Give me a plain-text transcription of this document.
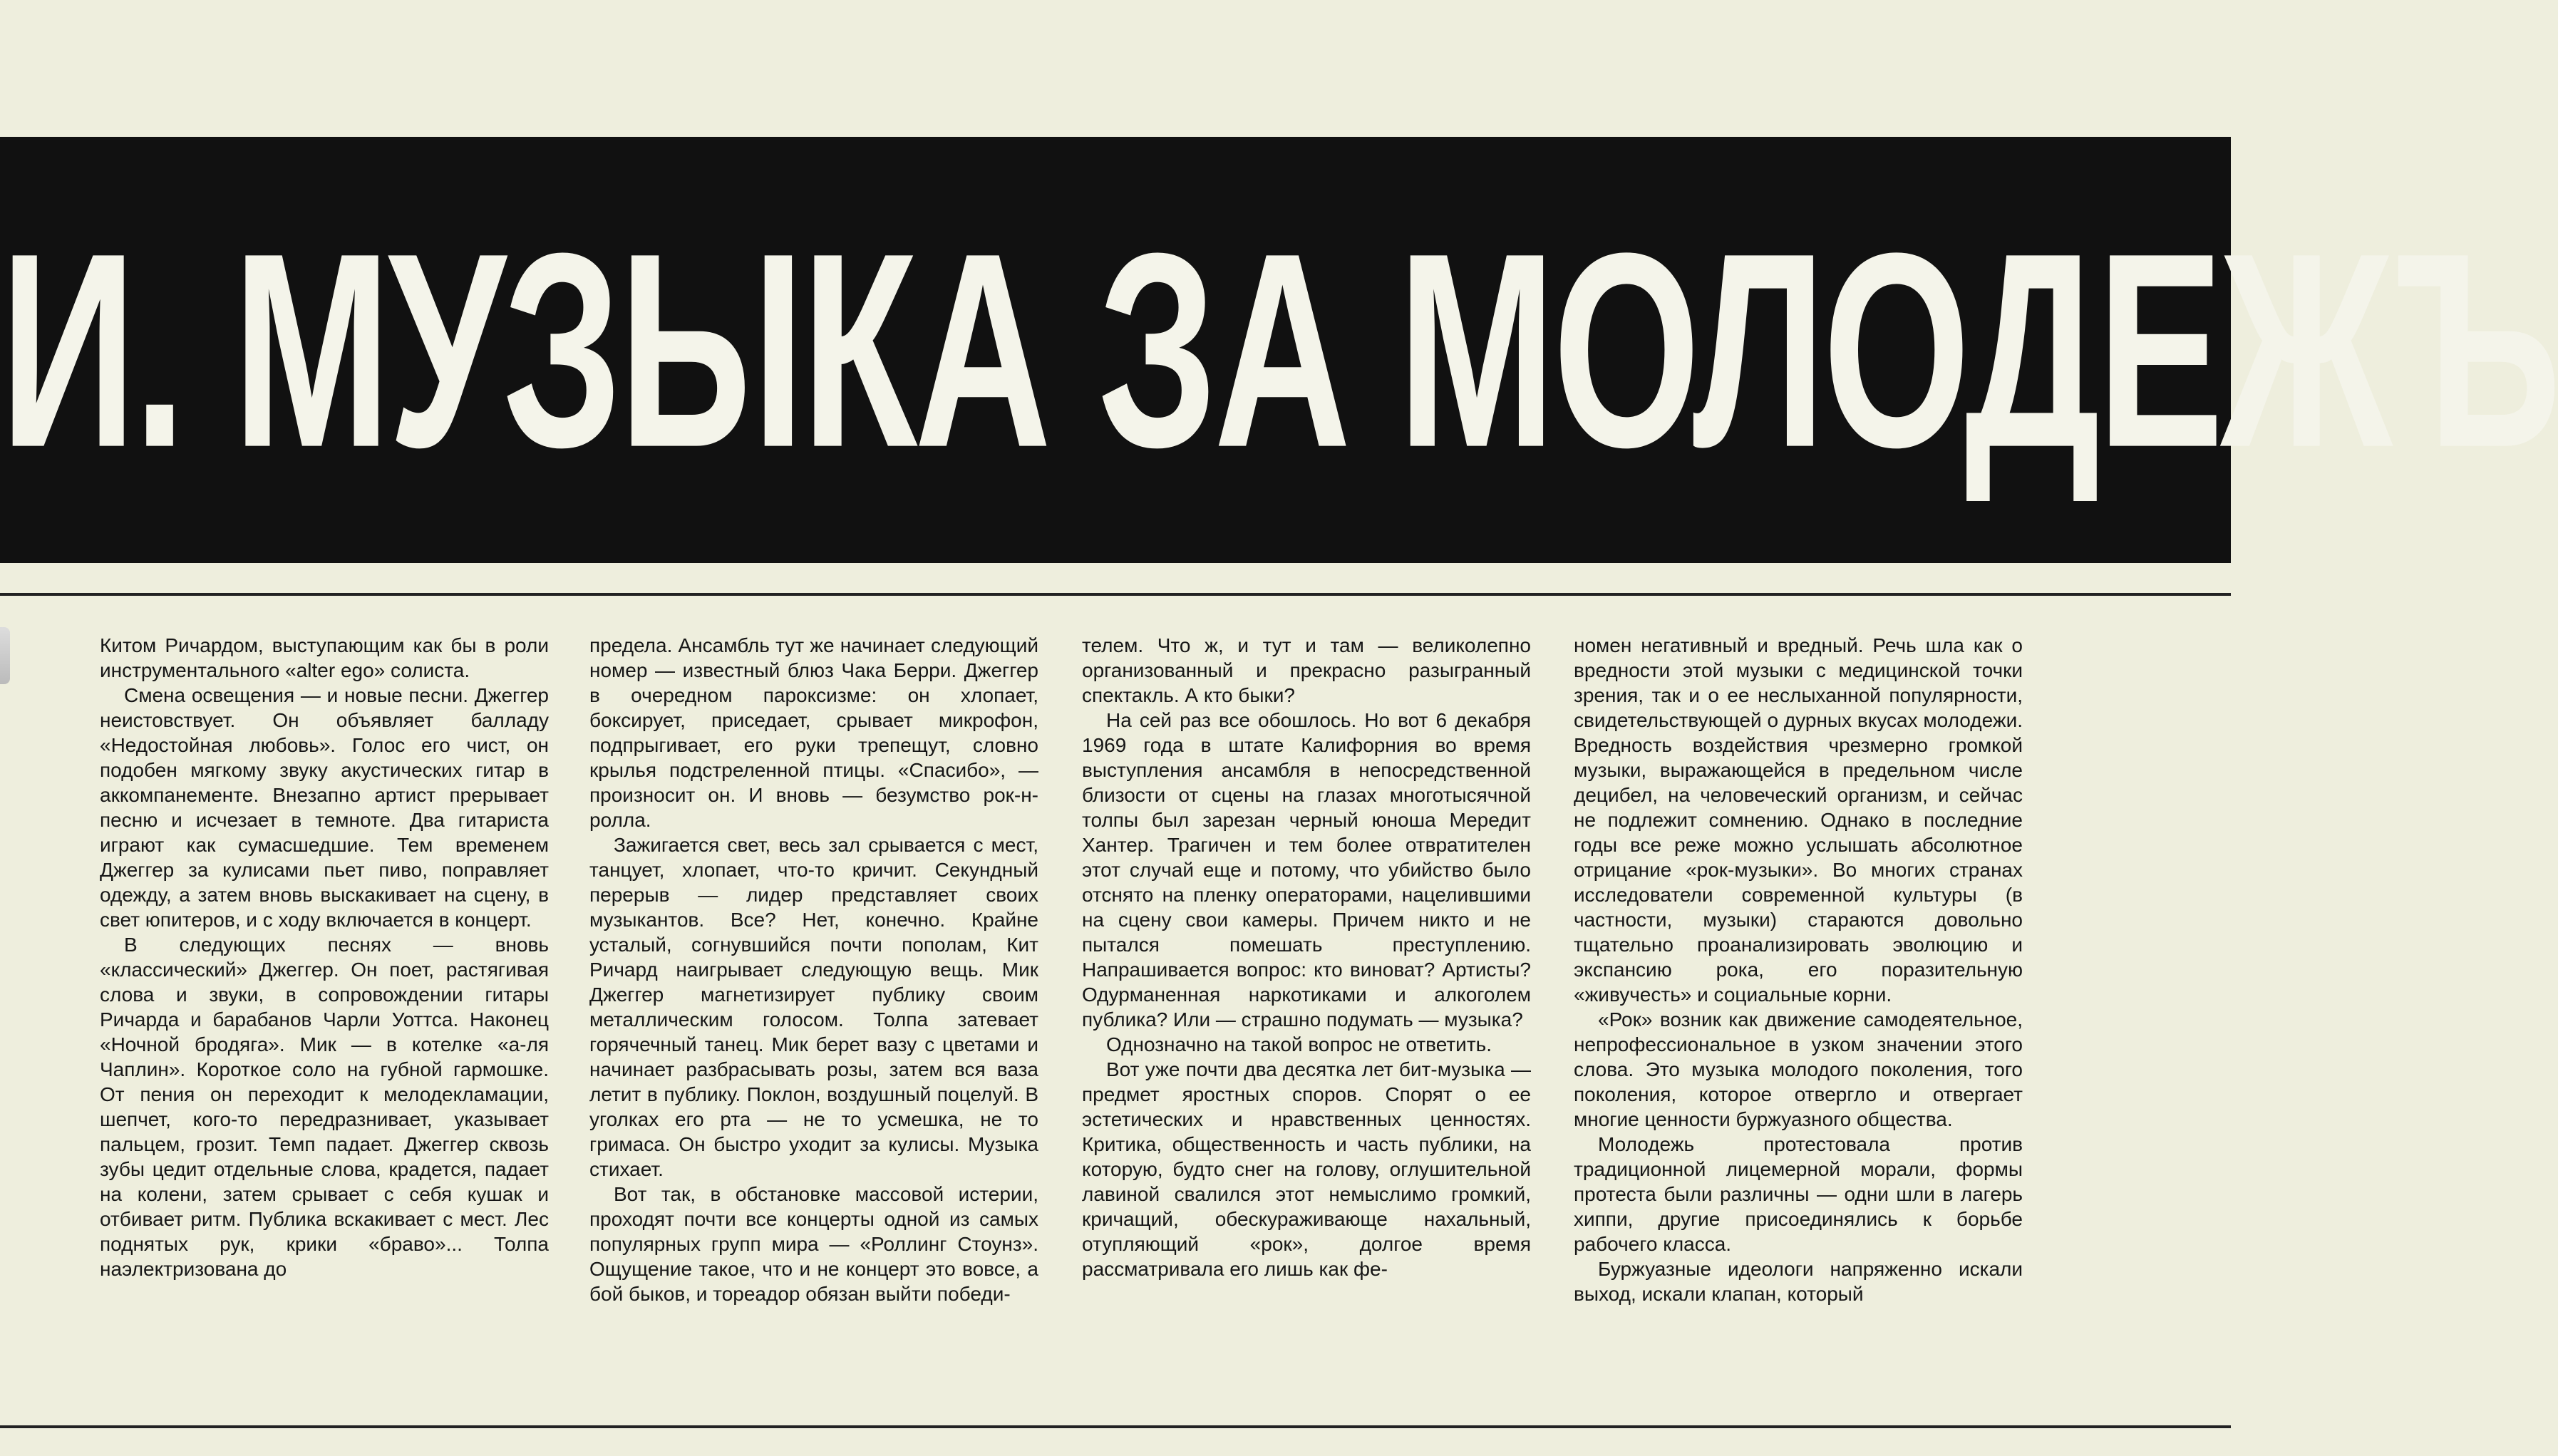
И. МУЗЫКА ЗА МОЛОДЕЖЪ

Китом Ричардом, выступающим как бы в роли инструментального «alter ego» солиста.

Смена освещения — и новые песни. Джеггер неистовствует. Он объявляет балладу «Недостойная любовь». Голос его чист, он подобен мягкому звуку акустических гитар в аккомпанементе. Внезапно артист прерывает песню и исчезает в темноте. Два гитариста играют как сумасшедшие. Тем временем Джеггер за кулисами пьет пиво, поправляет одежду, а затем вновь выскакивает на сцену, в свет юпитеров, и с ходу включается в концерт.

В следующих песнях — вновь «классический» Джеггер. Он поет, растягивая слова и звуки, в сопровождении гитары Ричарда и барабанов Чарли Уоттса. Наконец «Ночной бродяга». Мик — в котелке «а-ля Чаплин». Короткое соло на губной гармошке. От пения он переходит к мелодекламации, шепчет, кого-то передразнивает, указывает пальцем, грозит. Темп падает. Джеггер сквозь зубы цедит отдельные слова, крадется, падает на колени, затем срывает с себя кушак и отбивает ритм. Публика вскакивает с мест. Лес поднятых рук, крики «браво»... Толпа наэлектризована до

предела. Ансамбль тут же начинает следующий номер — известный блюз Чака Берри. Джеггер в очередном пароксизме: он хлопает, боксирует, приседает, срывает микрофон, подпрыгивает, его руки трепещут, словно крылья подстреленной птицы. «Спасибо», — произносит он. И вновь — безумство рок-н-ролла.

Зажигается свет, весь зал срывается с мест, танцует, хлопает, что-то кричит. Секундный перерыв — лидер представляет своих музыкантов. Все? Нет, конечно. Крайне усталый, согнувшийся почти пополам, Кит Ричард наигрывает следующую вещь. Мик Джеггер магнетизирует публику своим металлическим голосом. Толпа затевает горячечный танец. Мик берет вазу с цветами и начинает разбрасывать розы, затем вся ваза летит в публику. Поклон, воздушный поцелуй. В уголках его рта — не то усмешка, не то гримаса. Он быстро уходит за кулисы. Музыка стихает.

Вот так, в обстановке массовой истерии, проходят почти все концерты одной из самых популярных групп мира — «Роллинг Стоунз». Ощущение такое, что и не концерт это вовсе, а бой быков, и тореадор обязан выйти победи-

телем. Что ж, и тут и там — великолепно организованный и прекрасно разыгранный спектакль. А кто быки?

На сей раз все обошлось. Но вот 6 декабря 1969 года в штате Калифорния во время выступления ансамбля в непосредственной близости от сцены на глазах многотысячной толпы был зарезан черный юноша Мередит Хантер. Трагичен и тем более отвратителен этот случай еще и потому, что убийство было отснято на пленку операторами, нацелившими на сцену свои камеры. Причем никто и не пытался помешать преступлению. Напрашивается вопрос: кто виноват? Артисты? Одурманенная наркотиками и алкоголем публика? Или — страшно подумать — музыка?

Однозначно на такой вопрос не ответить.

Вот уже почти два десятка лет бит-музыка — предмет яростных споров. Спорят о ее эстетических и нравственных ценностях. Критика, общественность и часть публики, на которую, будто снег на голову, оглушительной лавиной свалился этот немыслимо громкий, кричащий, обескураживающе нахальный, отупляющий «рок», долгое время рассматривала его лишь как фе-

номен негативный и вредный. Речь шла как о вредности этой музыки с медицинской точки зрения, так и о ее неслыханной популярности, свидетельствующей о дурных вкусах молодежи. Вредность воздействия чрезмерно громкой музыки, выражающейся в предельном числе децибел, на человеческий организм, и сейчас не подлежит сомнению. Однако в последние годы все реже можно услышать абсолютное отрицание «рок-музыки». Во многих странах исследователи современной культуры (в частности, музыки) стараются довольно тщательно проанализировать эволюцию и экспансию рока, его поразительную «живучесть» и социальные корни.

«Рок» возник как движение самодеятельное, непрофессиональное в узком значении этого слова. Это музыка молодого поколения, того поколения, которое отвергло и отвергает многие ценности буржуазного общества.

Молодежь протестовала против традиционной лицемерной морали, формы протеста были различны — одни шли в лагерь хиппи, другие присоединялись к борьбе рабочего класса.

Буржуазные идеологи напряженно искали выход, искали клапан, который
